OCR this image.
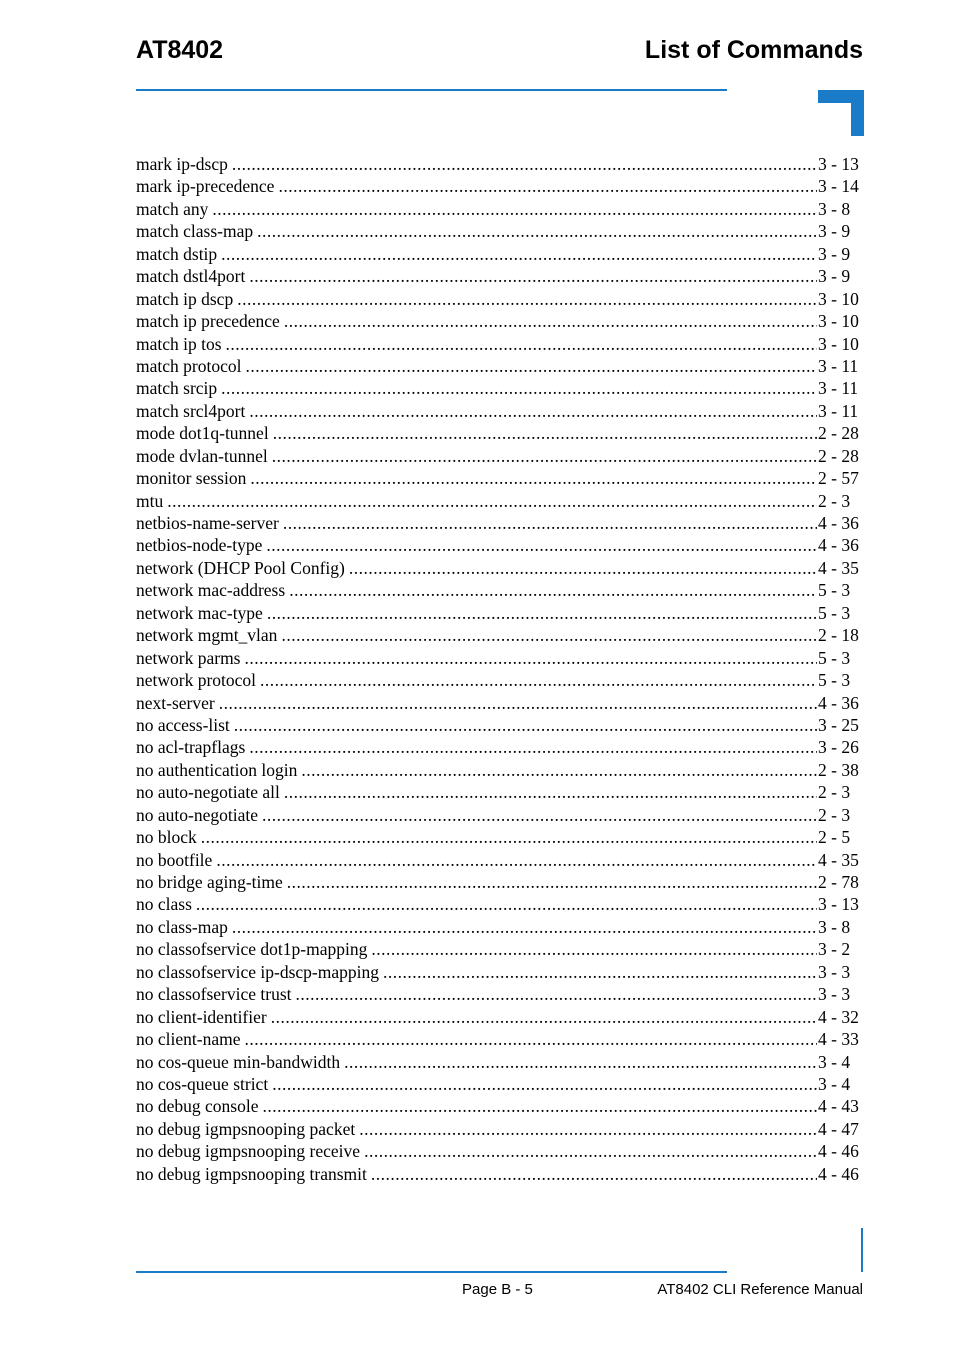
AT8402	List of Commands
mark ip-dscp .....	3 - 13
mark ip-precedence .....	3 - 14
match any .....	3 - 8
match class-map .....	3 - 9
match dstip .....	3 - 9
match dstl4port .....	3 - 9
match ip dscp .....	3 - 10
match ip precedence .....	3 - 10
match ip tos .....	3 - 10
match protocol .....	3 - 11
match srcip .....	3 - 11
match srcl4port .....	3 - 11
mode dot1q-tunnel .....	2 - 28
mode dvlan-tunnel .....	2 - 28
monitor session .....	2 - 57
mtu .....	2 - 3
netbios-name-server .....	4 - 36
netbios-node-type .....	4 - 36
network (DHCP Pool Config) .....	4 - 35
network mac-address .....	5 - 3
network mac-type .....	5 - 3
network mgmt_vlan .....	2 - 18
network parms .....	5 - 3
network protocol .....	5 - 3
next-server .....	4 - 36
no access-list .....	3 - 25
no acl-trapflags .....	3 - 26
no authentication login .....	2 - 38
no auto-negotiate all .....	2 - 3
no auto-negotiate .....	2 - 3
no block .....	2 - 5
no bootfile .....	4 - 35
no bridge aging-time .....	2 - 78
no class .....	3 - 13
no class-map .....	3 - 8
no classofservice dot1p-mapping .....	3 - 2
no classofservice ip-dscp-mapping .....	3 - 3
no classofservice trust .....	3 - 3
no client-identifier .....	4 - 32
no client-name .....	4 - 33
no cos-queue min-bandwidth .....	3 - 4
no cos-queue strict .....	3 - 4
no debug console .....	4 - 43
no debug igmpsnooping packet .....	4 - 47
no debug igmpsnooping receive .....	4 - 46
no debug igmpsnooping transmit .....	4 - 46
Page B - 5	AT8402 CLI Reference Manual
